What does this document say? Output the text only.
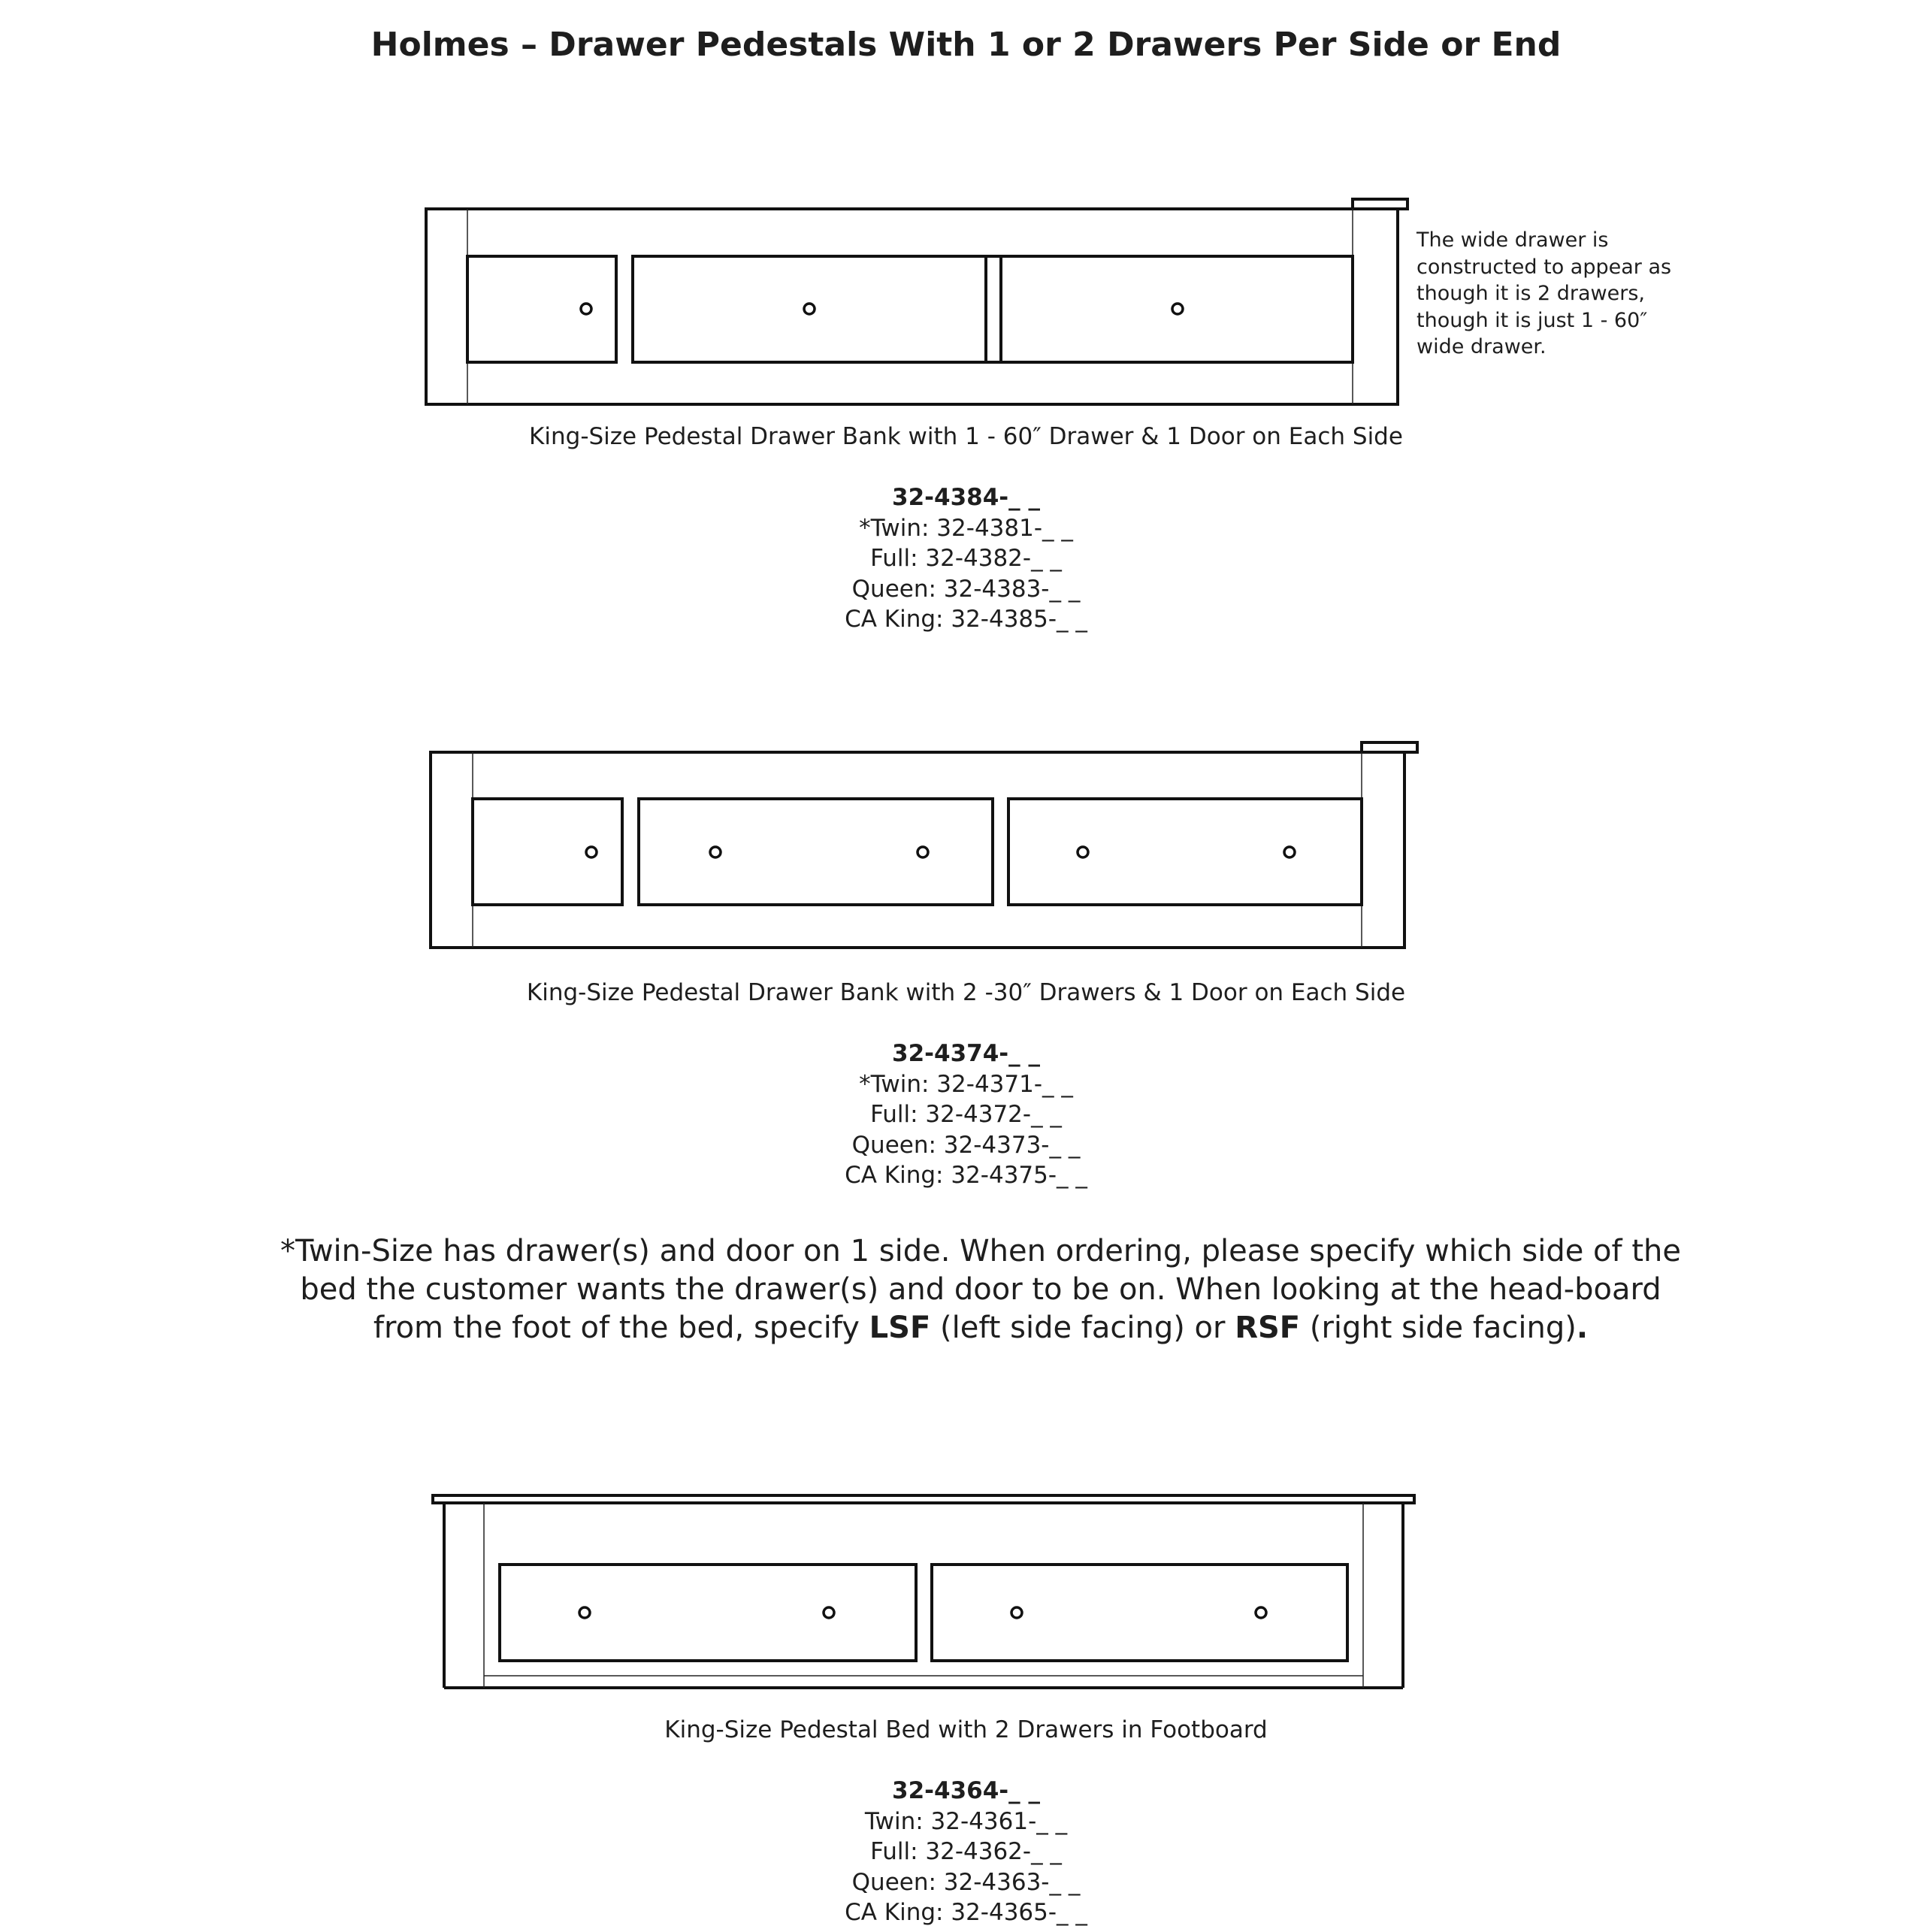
Holmes – Drawer Pedestals With 1 or 2 Drawers Per Side or End
The wide drawer is
constructed to appear as
though it is 2 drawers,
though it is just 1 - 60″
wide drawer.
King-Size Pedestal Drawer Bank with 1 - 60″ Drawer & 1 Door on Each Side
32-4384-_ _
*Twin: 32-4381-_ _
Full: 32-4382-_ _
Queen: 32-4383-_ _
CA King: 32-4385-_ _
King-Size Pedestal Drawer Bank with 2 -30″ Drawers & 1 Door on Each Side
32-4374-_ _
*Twin: 32-4371-_ _
Full: 32-4372-_ _
Queen: 32-4373-_ _
CA King: 32-4375-_ _
*Twin-Size has drawer(s) and door on 1 side. When ordering, please specify which side of the bed the customer wants the drawer(s) and door to be on. When looking at the head-board from the foot of the bed, specify LSF (left side facing) or RSF (right side facing).
King-Size Pedestal Bed with 2 Drawers in Footboard
32-4364-_ _
Twin: 32-4361-_ _
Full: 32-4362-_ _
Queen: 32-4363-_ _
CA King: 32-4365-_ _
